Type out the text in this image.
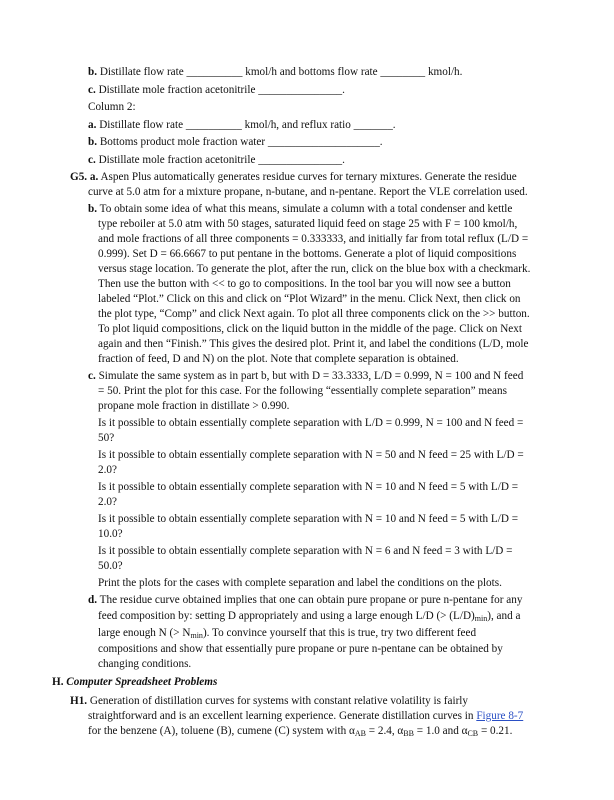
b. Distillate flow rate __________ kmol/h and bottoms flow rate ________ kmol/h.
c. Distillate mole fraction acetonitrile _______________.
Column 2:
a. Distillate flow rate __________ kmol/h, and reflux ratio _______.
b. Bottoms product mole fraction water ____________________.
c. Distillate mole fraction acetonitrile _______________.
G5. a. Aspen Plus automatically generates residue curves for ternary mixtures. Generate the residue
curve at 5.0 atm for a mixture propane, n-butane, and n-pentane. Report the VLE correlation used.
b. To obtain some idea of what this means, simulate a column with a total condenser and kettle
type reboiler at 5.0 atm with 50 stages, saturated liquid feed on stage 25 with F = 100 kmol/h,
and mole fractions of all three components = 0.333333, and initially far from total reflux (L/D =
0.999). Set D = 66.6667 to put pentane in the bottoms. Generate a plot of liquid compositions
versus stage location. To generate the plot, after the run, click on the blue box with a checkmark.
Then use the button with << to go to compositions. In the tool bar you will now see a button
labeled “Plot.” Click on this and click on “Plot Wizard” in the menu. Click Next, then click on
the plot type, “Comp” and click Next again. To plot all three components click on the >> button.
To plot liquid compositions, click on the liquid button in the middle of the page. Click on Next
again and then “Finish.” This gives the desired plot. Print it, and label the conditions (L/D, mole
fraction of feed, D and N) on the plot. Note that complete separation is obtained.
c. Simulate the same system as in part b, but with D = 33.3333, L/D = 0.999, N = 100 and N feed
= 50. Print the plot for this case. For the following “essentially complete separation” means
propane mole fraction in distillate > 0.990.
Is it possible to obtain essentially complete separation with L/D = 0.999, N = 100 and N feed =
50?
Is it possible to obtain essentially complete separation with N = 50 and N feed = 25 with L/D =
2.0?
Is it possible to obtain essentially complete separation with N = 10 and N feed = 5 with L/D =
2.0?
Is it possible to obtain essentially complete separation with N = 10 and N feed = 5 with L/D =
10.0?
Is it possible to obtain essentially complete separation with N = 6 and N feed = 3 with L/D =
50.0?
Print the plots for the cases with complete separation and label the conditions on the plots.
d. The residue curve obtained implies that one can obtain pure propane or pure n-pentane for any
feed composition by: setting D appropriately and using a large enough L/D (> $(L/D)_{min}$), and a
large enough N (> $N_{min}$). To convince yourself that this is true, try two different feed
compositions and show that essentially pure propane or pure n-pentane can be obtained by
changing conditions.
H. Computer Spreadsheet Problems
H1. Generation of distillation curves for systems with constant relative volatility is fairly
straightforward and is an excellent learning experience. Generate distillation curves in Figure 8-7
for the benzene (A), toluene (B), cumene (C) system with $\alpha_{AB} = 2.4$, $\alpha_{BB} = 1.0$ and $\alpha_{CB} = 0.21$.
